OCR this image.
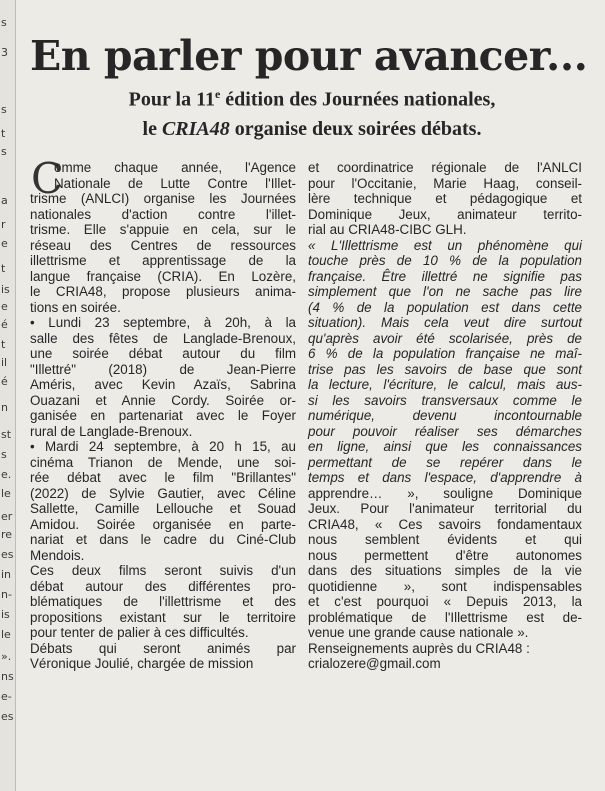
s
3
s
t
s
a
r
e
t
is
e
é
t
il
é
n
st
s
e.
le
er
re
es
in
n-
is
le
».
ns
e-
es
En parler pour avancer...
Pour la 11e édition des Journées nationales,
le CRIA48 organise deux soirées débats.
C
omme chaque année, l'Agence
Nationale de Lutte Contre l'Illet-
trisme (ANLCI) organise les Journées
nationales d'action contre l'illet-
trisme. Elle s'appuie en cela, sur le
réseau des Centres de ressources
illettrisme et apprentissage de la
langue française (CRIA). En Lozère,
le CRIA48, propose plusieurs anima-
tions en soirée.
• Lundi 23 septembre, à 20h, à la
salle des fêtes de Langlade-Brenoux,
une soirée débat autour du film
"Illettré" (2018) de Jean-Pierre
Améris, avec Kevin Azaïs, Sabrina
Ouazani et Annie Cordy. Soirée or-
ganisée en partenariat avec le Foyer
rural de Langlade-Brenoux.
• Mardi 24 septembre, à 20 h 15, au
cinéma Trianon de Mende, une soi-
rée débat avec le film "Brillantes"
(2022) de Sylvie Gautier, avec Céline
Sallette, Camille Lellouche et Souad
Amidou. Soirée organisée en parte-
nariat et dans le cadre du Ciné-Club
Mendois.
Ces deux films seront suivis d'un
débat autour des différentes pro-
blématiques de l'illettrisme et des
propositions existant sur le territoire
pour tenter de palier à ces difficultés.
Débats qui seront animés par
Véronique Joulié, chargée de mission
et coordinatrice régionale de l'ANLCI
pour l'Occitanie, Marie Haag, conseil-
lère technique et pédagogique et
Dominique Jeux, animateur territo-
rial au CRIA48-CIBC GLH.
« L'Illettrisme est un phénomène qui
touche près de 10 % de la population
française. Être illettré ne signifie pas
simplement que l'on ne sache pas lire
(4 % de la population est dans cette
situation). Mais cela veut dire surtout
qu'après avoir été scolarisée, près de
6 % de la population française ne maî-
trise pas les savoirs de base que sont
la lecture, l'écriture, le calcul, mais aus-
si les savoirs transversaux comme le
numérique, devenu incontournable
pour pouvoir réaliser ses démarches
en ligne, ainsi que les connaissances
permettant de se repérer dans le
temps et dans l'espace, d'apprendre à
apprendre… », souligne Dominique
Jeux. Pour l'animateur territorial du
CRIA48, « Ces savoirs fondamentaux
nous semblent évidents et qui
nous permettent d'être autonomes
dans des situations simples de la vie
quotidienne », sont indispensables
et c'est pourquoi « Depuis 2013, la
problématique de l'Illettrisme est de-
venue une grande cause nationale ».
Renseignements auprès du CRIA48 :
crialozere@gmail.com
